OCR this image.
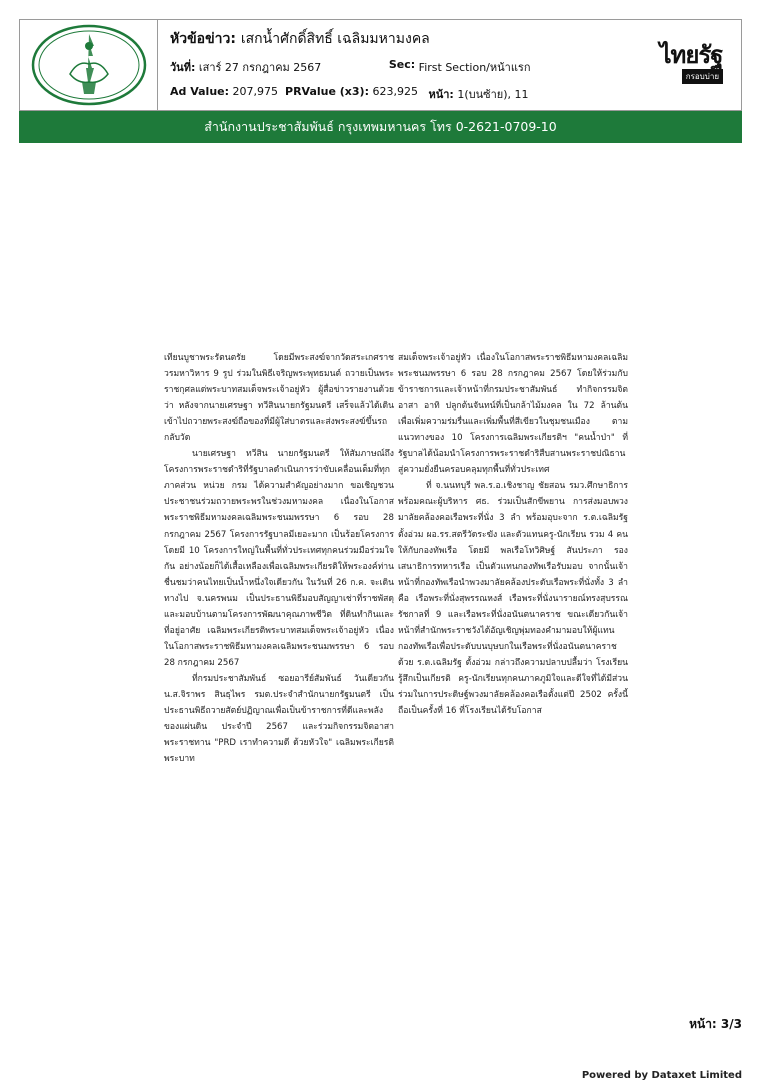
หัวข้อข่าว: เสกน้ำศักดิ์สิทธิ์ เฉลิมมหามงคล
วันที่:
เสาร์ 27 กรกฎาคม 2567	Sec:
First Section/หน้าแรก
Ad Value:
207,975
PRValue (x3):
623,925
หน้า:
1(บนซ้าย), 11
ไทยรัฐ
กรอบบ่าย
สำนักงานประชาสัมพันธ์ กรุงเทพมหานคร โทร 0-2621-0709-10

เทียนบูชาพระรัตนตรัย โดยมีพระสงฆ์จากวัดสระเกศราชวรมหาวิหาร 9 รูป ร่วมในพิธีเจริญพระพุทธมนต์ ถวายเป็นพระราชกุศลแด่พระบาทสมเด็จพระเจ้าอยู่หัว ผู้สื่อข่าวรายงานด้วยว่า หลังจากนายเศรษฐา ทวีสินนายกรัฐมนตรี เสร็จแล้วได้เดินเข้าไปถวายพระสงฆ์ถือของที่มีผู้ใส่บาตรและส่งพระสงฆ์ขึ้นรถกลับวัด

นายเศรษฐา ทวีสิน นายกรัฐมนตรี ให้สัมภาษณ์ถึงโครงการพระราชดำริที่รัฐบาลดำเนินการว่าขับเคลื่อนเต็มที่ทุกภาคส่วน หน่วย กรม ได้ความสำคัญอย่างมาก ขอเชิญชวนประชาชนร่วมถวายพระพรในช่วงมหามงคล เนื่องในโอกาสพระราชพิธีมหามงคลเฉลิมพระชนมพรรษา 6 รอบ 28 กรกฎาคม 2567 โครงการรัฐบาลมีเยอะมาก เป็นร้อยโครงการ โดยมี 10 โครงการใหญ่ในพื้นที่ทั่วประเทศทุกคนร่วมมือร่วมใจกัน อย่างน้อยก็ได้เสื้อเหลืองเพื่อเฉลิมพระเกียรติให้พระองค์ท่าน ชื่นชมว่าคนไทยเป็นน้ำหนึ่งใจเดียวกัน ในวันที่ 26 ก.ค. จะเดินทางไป จ.นครพนม เป็นประธานพิธีมอบสัญญาเช่าที่ราชพัสดุและมอบบ้านตามโครงการพัฒนาคุณภาพชีวิต ที่ดินทำกินและที่อยู่อาศัย เฉลิมพระเกียรติพระบาทสมเด็จพระเจ้าอยู่หัว เนื่องในโอกาสพระราชพิธีมหามงคลเฉลิมพระชนมพรรษา 6 รอบ 28 กรกฎาคม 2567

ที่กรมประชาสัมพันธ์ ซอยอารีย์สัมพันธ์ วันเดียวกัน น.ส.จิราพร สินธุไพร รมต.ประจำสำนักนายกรัฐมนตรี เป็นประธานพิธีถวายสัตย์ปฏิญาณเพื่อเป็นข้าราชการที่ดีและพลังของแผ่นดิน ประจำปี 2567 และร่วมกิจกรรมจิตอาสาพระราชทาน "PRD เราทำความดี ด้วยหัวใจ" เฉลิมพระเกียรติพระบาท

สมเด็จพระเจ้าอยู่หัว เนื่องในโอกาสพระราชพิธีมหามงคลเฉลิมพระชนมพรรษา 6 รอบ 28 กรกฎาคม 2567 โดยให้ร่วมกับข้าราชการและเจ้าหน้าที่กรมประชาสัมพันธ์ ทำกิจกรรมจิตอาสา อาทิ ปลูกต้นจันทน์ที่เป็นกล้าไม้มงคล ใน 72 ล้านต้น เพื่อเพิ่มความร่มรื่นและเพิ่มพื้นที่สีเขียวในชุมชนเมือง ตามแนวทางของ 10 โครงการเฉลิมพระเกียรติฯ "คนน้ำป่า" ที่รัฐบาลได้น้อมนำโครงการพระราชดำริสืบสานพระราชปณิธาน สู่ความยั่งยืนครอบคลุมทุกพื้นที่ทั่วประเทศ

ที่ จ.นนทบุรี พล.ร.อ.เชิงชาญ ชัยสอน รมว.ศึกษาธิการ พร้อมคณะผู้บริหาร ศธ. ร่วมเป็นสักขีพยาน การส่งมอบพวงมาลัยคล้องคอเรือพระที่นั่ง 3 ลำ พร้อมอุบะจาก ร.ต.เฉลิมรัฐ ตั้งอ่วม ผอ.รร.สตรีวัดระฆัง และตัวแทนครู-นักเรียน รวม 4 คน ให้กับกองทัพเรือ โดยมี พลเรือโทวิศิษฐ์ สันประภา รองเสนาธิการทหารเรือ เป็นตัวแทนกองทัพเรือรับมอบ จากนั้นเจ้าหน้าที่กองทัพเรือนำพวงมาลัยคล้องประดับเรือพระที่นั่งทั้ง 3 ลำ คือ เรือพระที่นั่งสุพรรณหงส์ เรือพระที่นั่งนารายณ์ทรงสุบรรณรัชกาลที่ 9 และเรือพระที่นั่งอนันตนาคราช ขณะเดียวกันเจ้าหน้าที่สำนักพระราชวังได้อัญเชิญพุ่มทองคำมามอบให้ผู้แทนกองทัพเรือเพื่อประดับบนบุษบกในเรือพระที่นั่งอนันตนาคราชด้วย ร.ต.เฉลิมรัฐ ตั้งอ่วม กล่าวถึงความปลาบปลื้มว่า โรงเรียนรู้สึกเป็นเกียรติ ครู-นักเรียนทุกคนภาคภูมิใจและดีใจที่ได้มีส่วนร่วมในการประดิษฐ์พวงมาลัยคล้องคอเรือตั้งแต่ปี 2502 ครั้งนี้ถือเป็นครั้งที่ 16 ที่โรงเรียนได้รับโอกาส

หน้า: 3/3
Powered by Dataxet Limited
